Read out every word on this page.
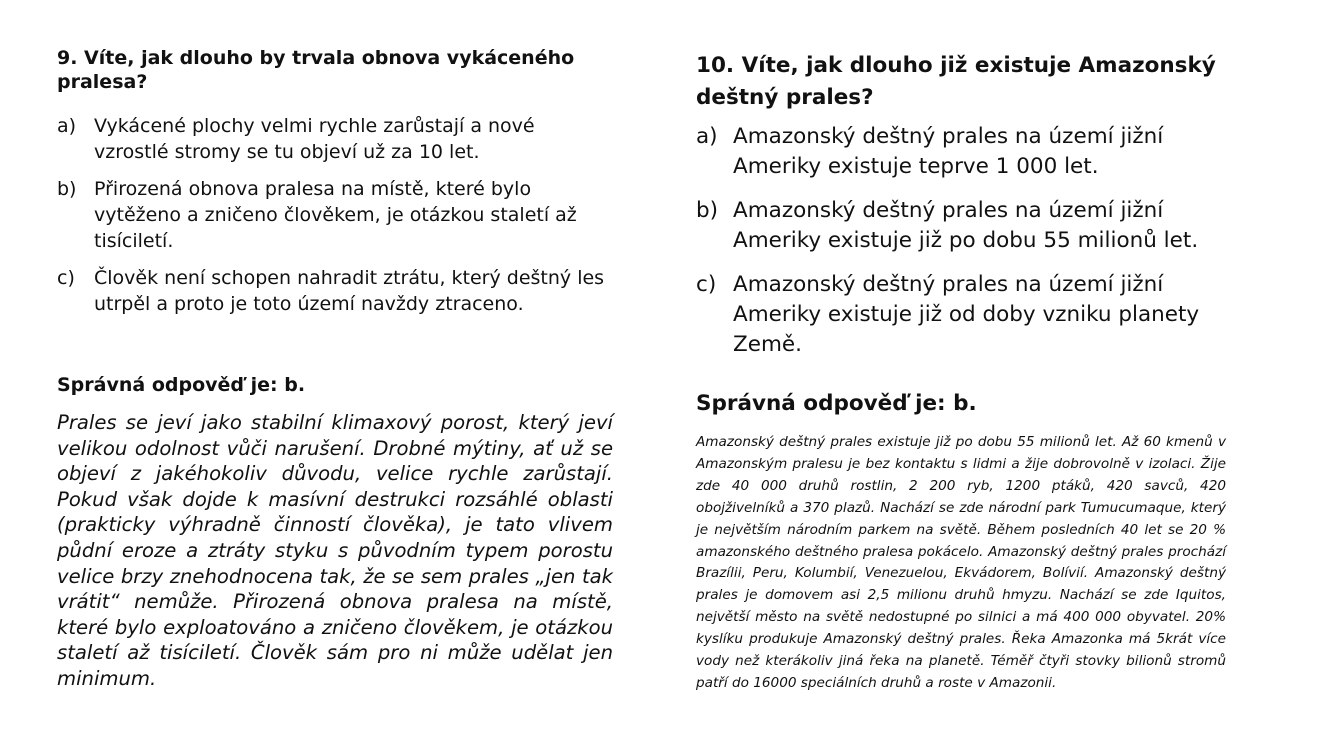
9. Víte, jak dlouho by trvala obnova vykáceného pralesa?
a) Vykácené plochy velmi rychle zarůstají a nové vzrostlé stromy se tu objeví už za 10 let.
b) Přirozená obnova pralesa na místě, které bylo vytěženo a zničeno člověkem, je otázkou staletí až tisíciletí.
c)	Člověk není schopen nahradit ztrátu, který deštný les utrpěl a proto je toto území navždy ztraceno.

Správná odpověď je: b.

Prales se jeví jako stabilní klimaxový porost, který jeví velikou odolnost vůči narušení. Drobné mýtiny, ať už se objeví z jakéhokoliv důvodu, velice rychle zarůstají. Pokud však dojde k masívní destrukci rozsáhlé oblasti (prakticky výhradně činností člověka), je tato vlivem půdní eroze a ztráty styku s původním typem porostu velice brzy znehodnocena tak, že se sem prales „jen tak vrátit“ nemůže. Přirozená obnova pralesa na místě, které bylo exploatováno a zničeno člověkem, je otázkou staletí až tisíciletí. Člověk sám pro ni může udělat jen minimum.

10. Víte, jak dlouho již existuje Amazonský deštný prales?
a) Amazonský deštný prales na území jižní Ameriky existuje teprve 1 000 let.
b) Amazonský deštný prales na území jižní Ameriky existuje již po dobu 55 milionů let.
c) Amazonský deštný prales na území jižní Ameriky existuje již od doby vzniku planety Země.

Správná odpověď je: b.

Amazonský deštný prales existuje již po dobu 55 milionů let. Až 60 kmenů v Amazonským pralesu je bez kontaktu s lidmi a žije dobrovolně v izolaci. Žije zde 40 000 druhů rostlin, 2 200 ryb, 1200 ptáků, 420 savců, 420 obojživelníků a 370 plazů. Nachází se zde národní park Tumucumaque, který je největším národním parkem na světě. Během posledních 40 let se 20 % amazonského deštného pralesa pokácelo. Amazonský deštný prales prochází Brazílii, Peru, Kolumbií, Venezuelou, Ekvádorem, Bolívií. Amazonský deštný prales je domovem asi 2,5 milionu druhů hmyzu. Nachází se zde Iquitos, největší město na světě nedostupné po silnici a má 400 000 obyvatel. 20% kyslíku produkuje Amazonský deštný prales. Řeka Amazonka má 5krát více vody než kterákoliv jiná řeka na planetě. Téměř čtyři stovky bilionů stromů patří do 16000 speciálních druhů a roste v Amazonii.
